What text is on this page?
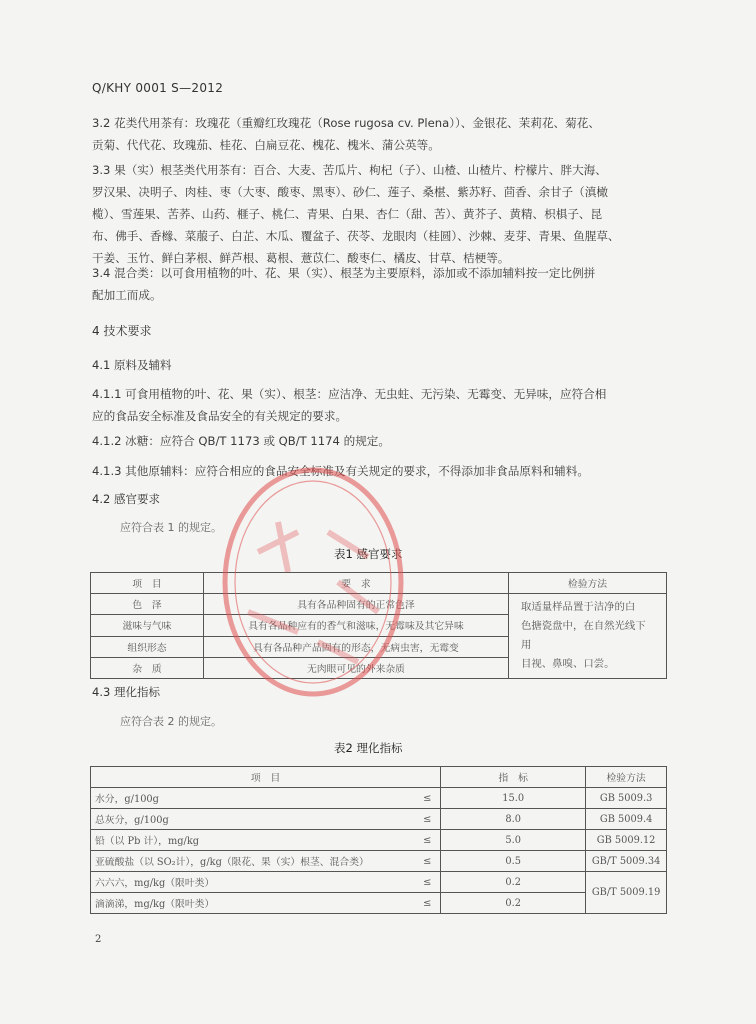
Q/KHY 0001 S—2012
3.2 花类代用茶有：玫瑰花（重瓣红玫瑰花（Rose rugosa cv. Plena））、金银花、茉莉花、菊花、
贡菊、代代花、玫瑰茄、桂花、白扁豆花、槐花、槐米、蒲公英等。
3.3 果（实）根茎类代用茶有：百合、大麦、苦瓜片、枸杞（子）、山楂、山楂片、柠檬片、胖大海、
罗汉果、决明子、肉桂、枣（大枣、酸枣、黑枣）、砂仁、莲子、桑椹、紫苏籽、茴香、余甘子（滇橄
榄）、雪莲果、苦荞、山药、榧子、桃仁、青果、白果、杏仁（甜、苦）、黄芥子、黄精、枳椇子、昆
布、佛手、香橼、菜菔子、白芷、木瓜、覆盆子、茯苓、龙眼肉（桂圆）、沙棘、麦芽、青果、鱼腥草、
干姜、玉竹、鲜白茅根、鲜芦根、葛根、薏苡仁、酸枣仁、橘皮、甘草、桔梗等。
3.4 混合类：以可食用植物的叶、花、果（实）、根茎为主要原料，添加或不添加辅料按一定比例拼
配加工而成。
4 技术要求
4.1 原料及辅料
4.1.1 可食用植物的叶、花、果（实）、根茎：应洁净、无虫蛀、无污染、无霉变、无异味，应符合相
应的食品安全标准及食品安全的有关规定的要求。
4.1.2 冰糖：应符合 QB/T 1173 或 QB/T 1174 的规定。
4.1.3 其他原辅料：应符合相应的食品安全标准及有关规定的要求，不得添加非食品原料和辅料。
4.2 感官要求
应符合表 1 的规定。
表1 感官要求
项　目	要　求	检验方法
色　泽	具有各品种固有的正常色泽	取适量样品置于洁净的白
色搪瓷盘中，在自然光线下用
目视、鼻嗅、口尝。

滋味与气味	具有各品种应有的香气和滋味，无霉味及其它异味	
组织形态	具有各品种产品固有的形态，无病虫害，无霉变	
杂　质	无肉眼可见的外来杂质	
4.3 理化指标
应符合表 2 的规定。
表2 理化指标
项　目		指　标	检验方法
水分，g/100g	≤	15.0	GB 5009.3
总灰分，g/100g	≤	8.0	GB 5009.4
铅（以 Pb 计），mg/kg	≤	5.0	GB 5009.12
亚硫酸盐（以 SO₂计），g/kg（限花、果（实）根茎、混合类）	≤	0.5	GB/T 5009.34
六六六，mg/kg（限叶类）	≤	0.2	GB/T 5009.19
滴滴涕，mg/kg（限叶类）	≤	0.2	
2
